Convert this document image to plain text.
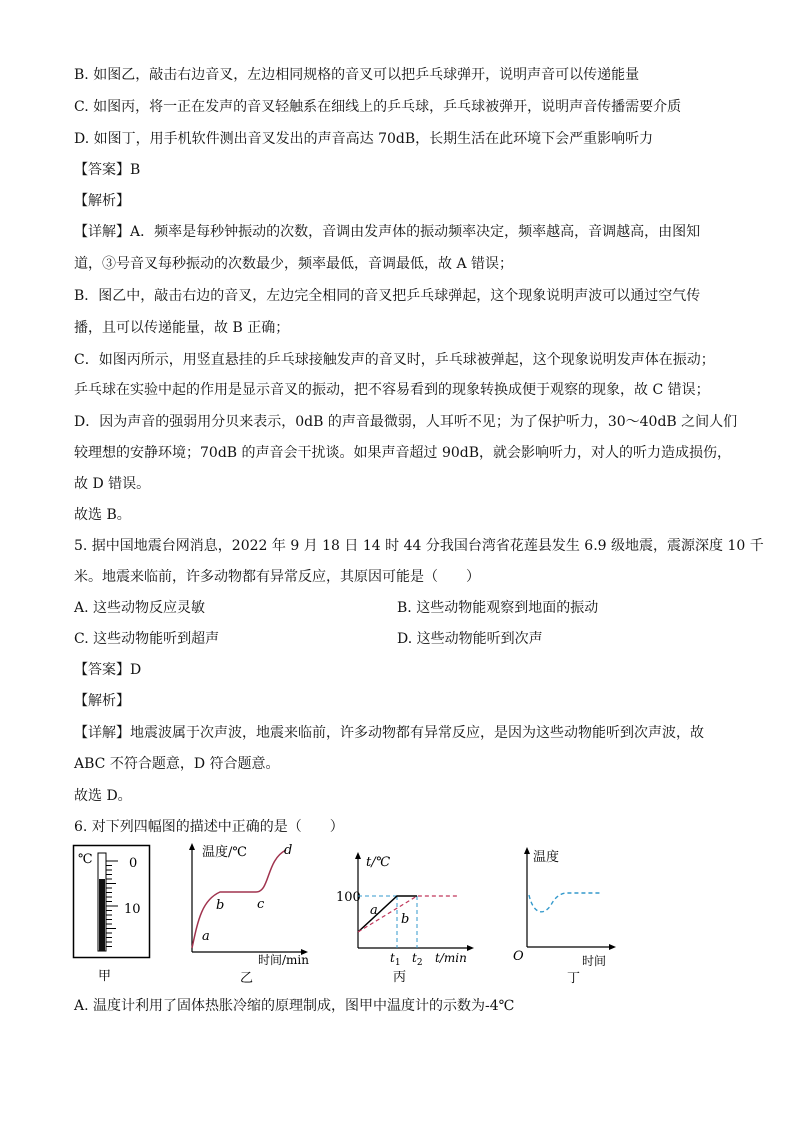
B. 如图乙，敲击右边音叉，左边相同规格的音叉可以把乒乓球弹开，说明声音可以传递能量
C. 如图丙，将一正在发声的音叉轻触系在细线上的乒乓球，乒乓球被弹开，说明声音传播需要介质
D. 如图丁，用手机软件测出音叉发出的声音高达 70dB，长期生活在此环境下会严重影响听力
【答案】B
【解析】
【详解】A．频率是每秒钟振动的次数，音调由发声体的振动频率决定，频率越高，音调越高，由图知
道，③号音叉每秒振动的次数最少，频率最低，音调最低，故 A 错误；
B．图乙中，敲击右边的音叉，左边完全相同的音叉把乒乓球弹起，这个现象说明声波可以通过空气传
播，且可以传递能量，故 B 正确；
C．如图丙所示，用竖直悬挂的乒乓球接触发声的音叉时，乒乓球被弹起，这个现象说明发声体在振动；
乒乓球在实验中起的作用是显示音叉的振动，把不容易看到的现象转换成便于观察的现象，故 C 错误；
D．因为声音的强弱用分贝来表示，0dB 的声音最微弱，人耳听不见；为了保护听力，30～40dB 之间人们
较理想的安静环境；70dB 的声音会干扰谈。如果声音超过 90dB，就会影响听力，对人的听力造成损伤，
故 D 错误。
故选 B。
5. 据中国地震台网消息，2022 年 9 月 18 日 14 时 44 分我国台湾省花莲县发生 6.9 级地震，震源深度 10 千
米。地震来临前，许多动物都有异常反应，其原因可能是（　　）
A. 这些动物反应灵敏	B. 这些动物能观察到地面的振动
C. 这些动物能听到超声	D. 这些动物能听到次声
【答案】D
【解析】
【详解】地震波属于次声波，地震来临前，许多动物都有异常反应，是因为这些动物能听到次声波，故
ABC 不符合题意，D 符合题意。
故选 D。
6. 对下列四幅图的描述中正确的是（　　）
℃	0
10
甲
温度/℃
a
b	c
d
时间/min
乙
t/℃
100
a
b
$t_1$ $t_2$ t/min
丙
温度
O	时间
丁
A. 温度计利用了固体热胀冷缩的原理制成，图甲中温度计的示数为-4℃
